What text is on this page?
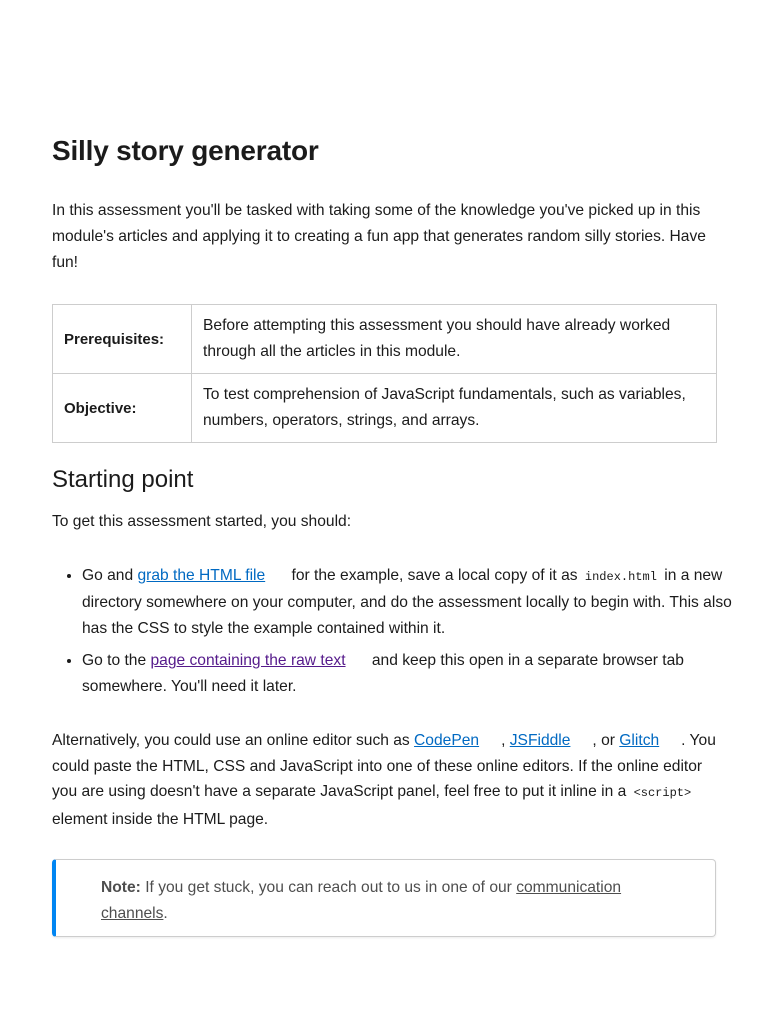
Silly story generator

In this assessment you'll be tasked with taking some of the knowledge you've picked up in this module's articles and applying it to creating a fun app that generates random silly stories. Have fun!

Prerequisites:	Before attempting this assessment you should have already worked through all the articles in this module.
Objective:	To test comprehension of JavaScript fundamentals, such as variables, numbers, operators, strings, and arrays.
Starting point

To get this assessment started, you should:

• Go and grab the HTML file for the example, save a local copy of it as index.html in a new directory somewhere on your computer, and do the assessment locally to begin with. This also has the CSS to style the example contained within it.
• Go to the page containing the raw text and keep this open in a separate browser tab somewhere. You'll need it later.

Alternatively, you could use an online editor such as CodePen , JSFiddle , or Glitch . You could paste the HTML, CSS and JavaScript into one of these online editors. If the online editor you are using doesn't have a separate JavaScript panel, feel free to put it inline in a <script> element inside the HTML page.

Note: If you get stuck, you can reach out to us in one of our communication channels.
